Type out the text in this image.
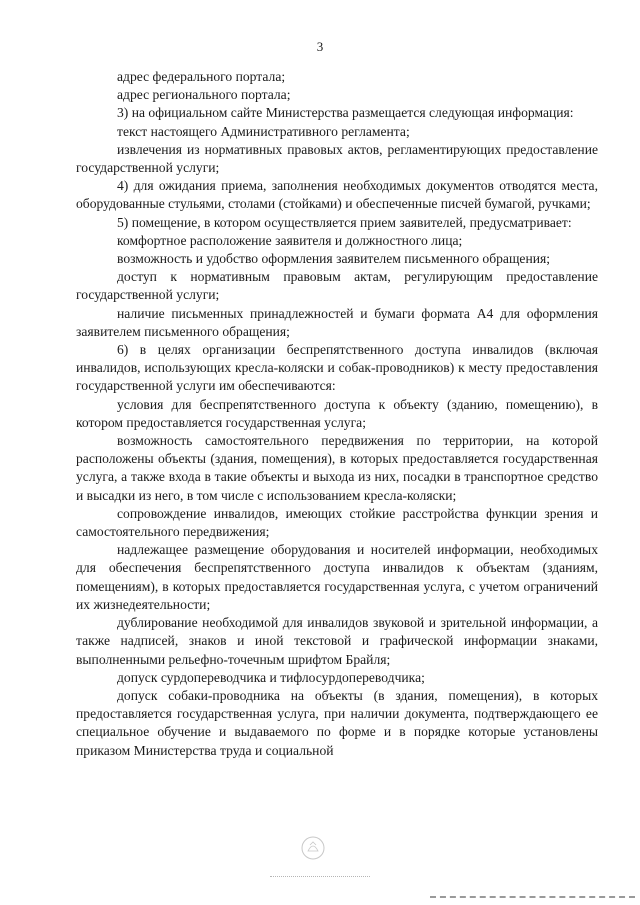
3

адрес федерального портала;

адрес регионального портала;

3) на официальном сайте Министерства размещается следующая информация:

текст настоящего Административного регламента;

извлечения из нормативных правовых актов, регламентирующих предоставление государственной услуги;

4) для ожидания приема, заполнения необходимых документов отводятся места, оборудованные стульями, столами (стойками) и обеспеченные писчей бумагой, ручками;

5) помещение, в котором осуществляется прием заявителей, предусматривает:

комфортное расположение заявителя и должностного лица;

возможность и удобство оформления заявителем письменного обращения;

доступ к нормативным правовым актам, регулирующим предоставление государственной услуги;

наличие письменных принадлежностей и бумаги формата А4 для оформления заявителем письменного обращения;

6) в целях организации беспрепятственного доступа инвалидов (включая инвалидов, использующих кресла-коляски и собак-проводников) к месту предоставления государственной услуги им обеспечиваются:

условия для беспрепятственного доступа к объекту (зданию, помещению), в котором предоставляется государственная услуга;

возможность самостоятельного передвижения по территории, на которой расположены объекты (здания, помещения), в которых предоставляется государственная услуга, а также входа в такие объекты и выхода из них, посадки в транспортное средство и высадки из него, в том числе с использованием кресла-коляски;

сопровождение инвалидов, имеющих стойкие расстройства функции зрения и самостоятельного передвижения;

надлежащее размещение оборудования и носителей информации, необходимых для обеспечения беспрепятственного доступа инвалидов к объектам (зданиям, помещениям), в которых предоставляется государственная услуга, с учетом ограничений их жизнедеятельности;

дублирование необходимой для инвалидов звуковой и зрительной информации, а также надписей, знаков и иной текстовой и графической информации знаками, выполненными рельефно-точечным шрифтом Брайля;

допуск сурдопереводчика и тифлосурдопереводчика;

допуск собаки-проводника на объекты (в здания, помещения), в которых предоставляется государственная услуга, при наличии документа, подтверждающего ее специальное обучение и выдаваемого по форме и в порядке которые установлены приказом Министерства труда и социальной
